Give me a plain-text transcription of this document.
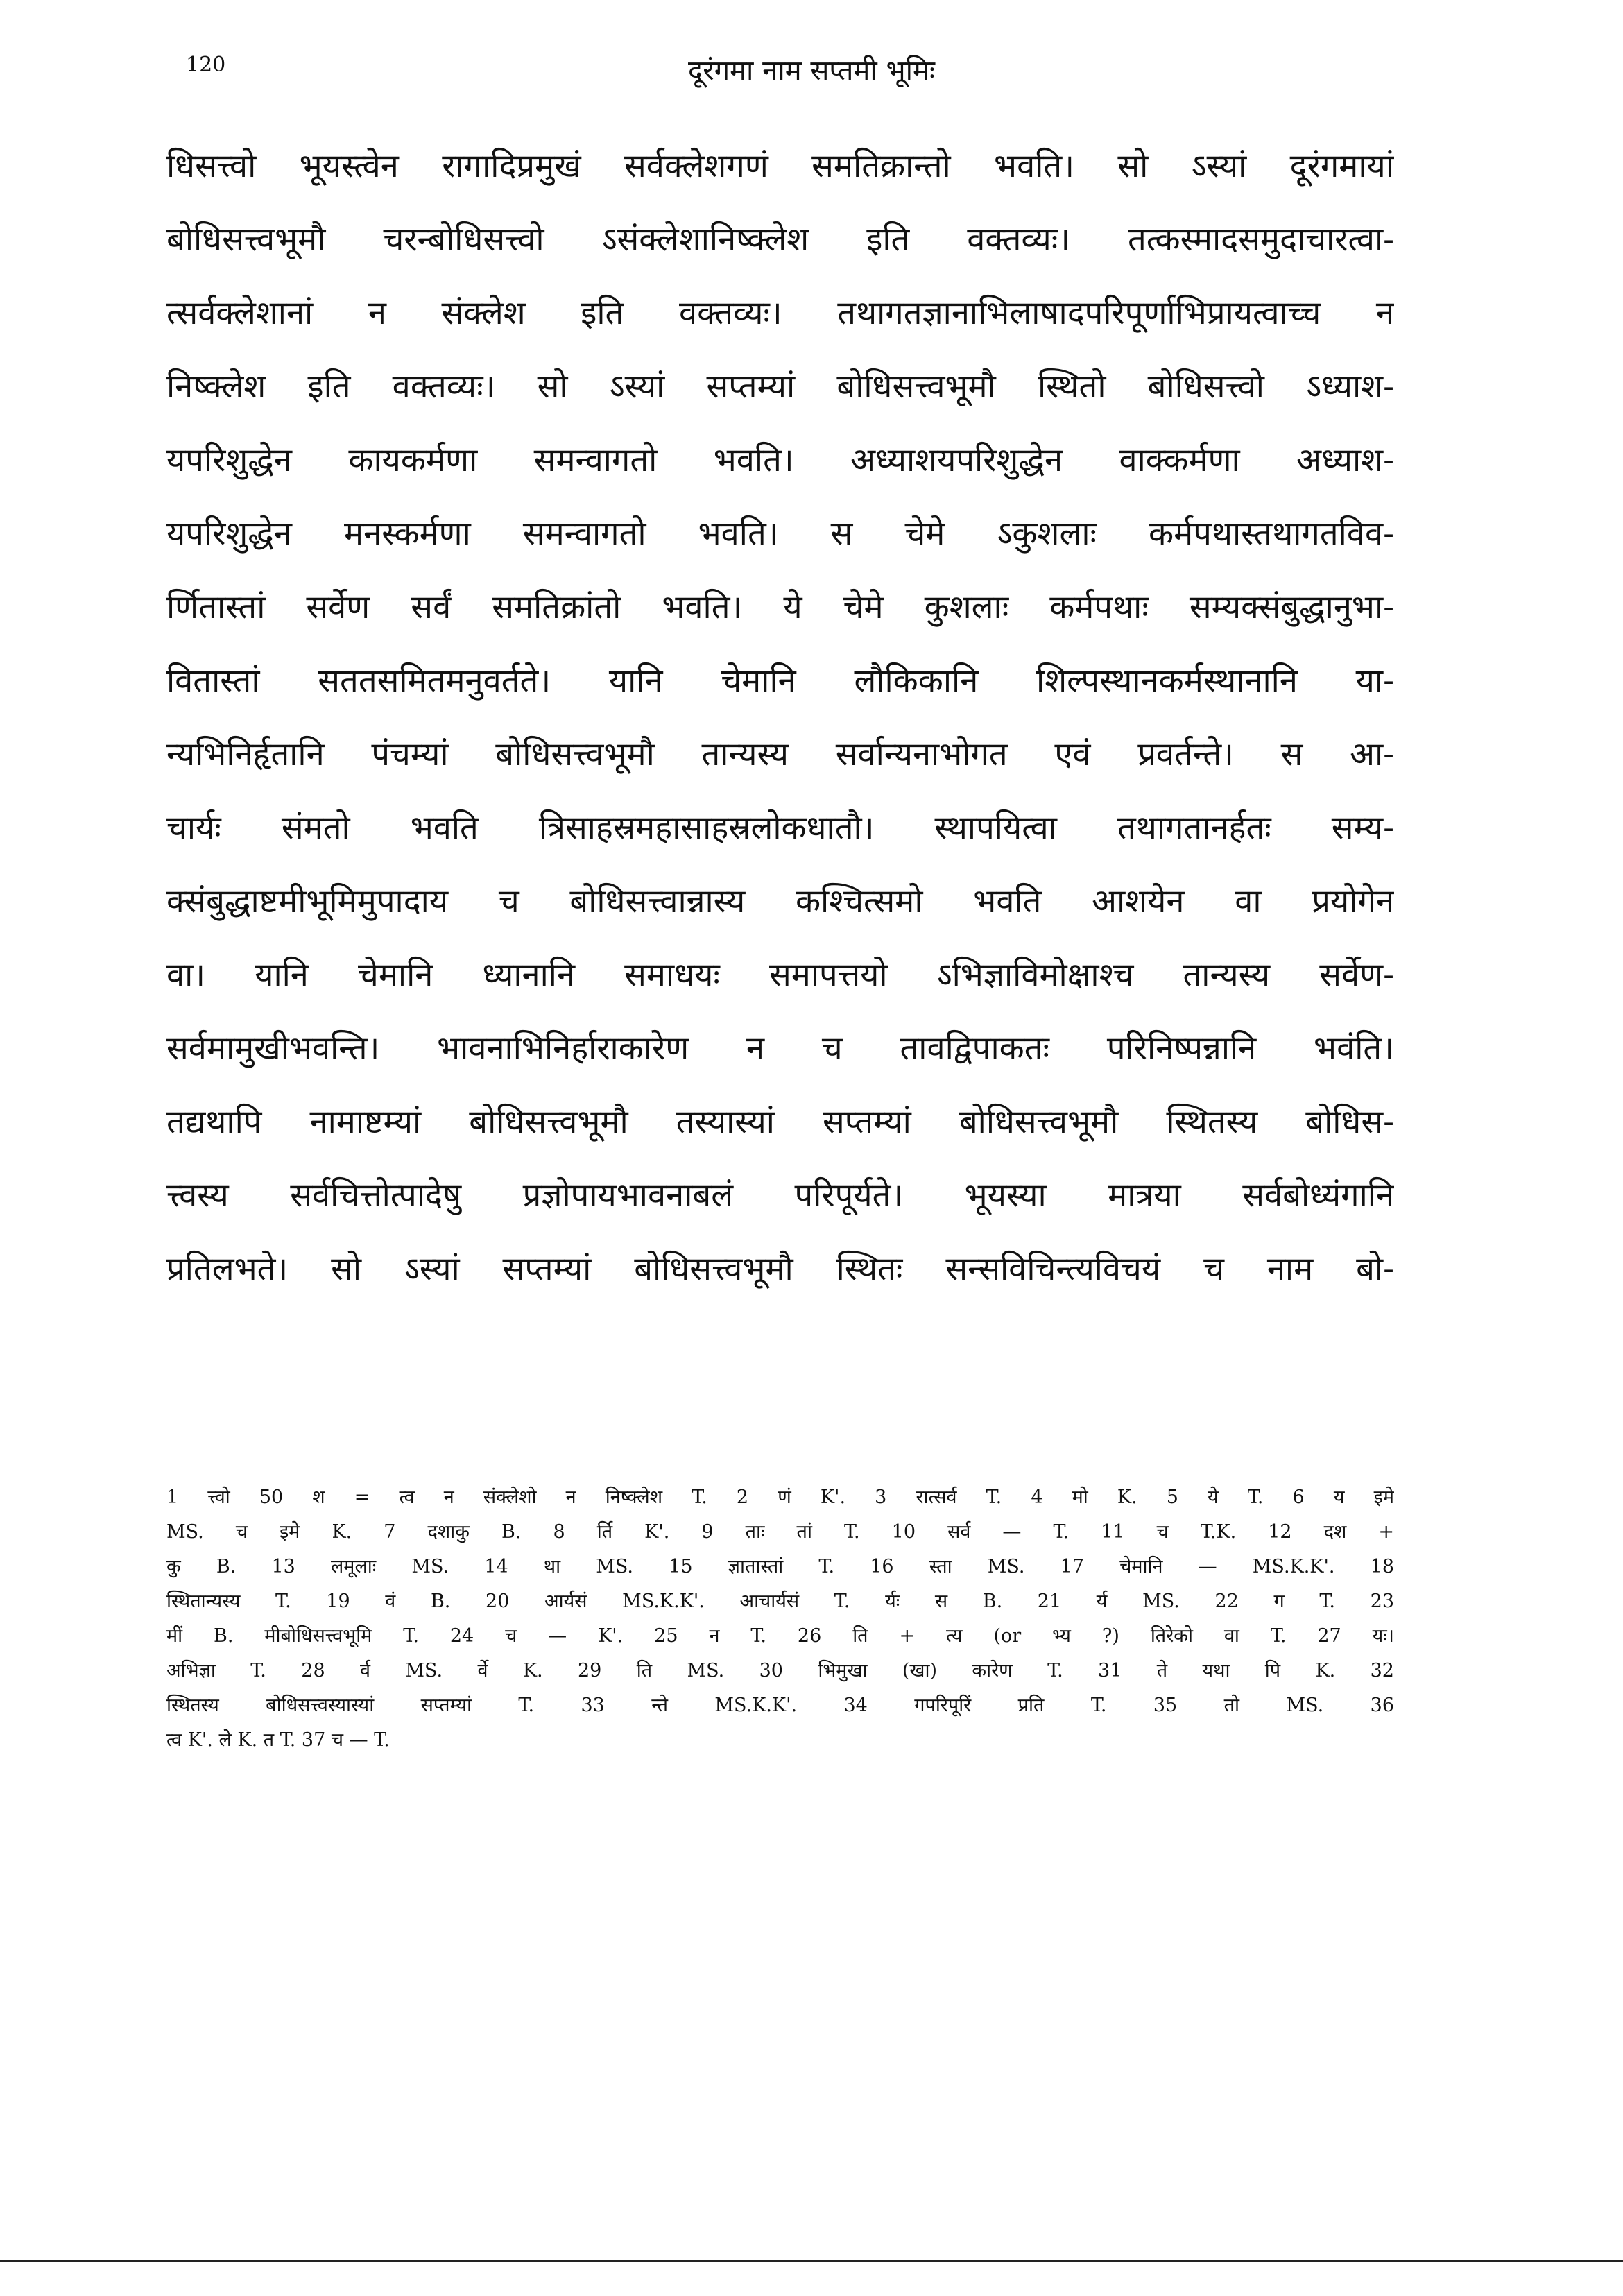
120	दूरंगमा नाम सप्तमी भूमिः
धिसत्त्वो भूयस्त्वेन रागादिप्रमुखं सर्वक्लेशगणं समतिक्रान्तो भवति। सो ऽस्यां दूरंगमायां
बोधिसत्त्वभूमौ चरन्बोधिसत्त्वो ऽसंक्लेशानिष्क्लेश इति वक्तव्यः। तत्कस्मादसमुदाचारत्वा-
त्सर्वक्लेशानां न संक्लेश इति वक्तव्यः। तथागतज्ञानाभिलाषादपरिपूर्णाभिप्रायत्वाच्च न
निष्क्लेश इति वक्तव्यः। सो ऽस्यां सप्तम्यां बोधिसत्त्वभूमौ स्थितो बोधिसत्त्वो ऽध्याश-
यपरिशुद्धेन कायकर्मणा समन्वागतो भवति। अध्याशयपरिशुद्धेन वाक्कर्मणा अध्याश-
यपरिशुद्धेन मनस्कर्मणा समन्वागतो भवति। स चेमे ऽकुशलाः कर्मपथास्तथागतविव-
र्णितास्तां सर्वेण सर्वं समतिक्रांतो भवति। ये चेमे कुशलाः कर्मपथाः सम्यक्संबुद्धानुभा-
वितास्तां सततसमितमनुवर्तते। यानि चेमानि लौकिकानि शिल्पस्थानकर्मस्थानानि या-
न्यभिनिर्हृतानि पंचम्यां बोधिसत्त्वभूमौ तान्यस्य सर्वान्यनाभोगत एवं प्रवर्तन्ते। स आ-
चार्यः संमतो भवति त्रिसाहस्रमहासाहस्रलोकधातौ। स्थापयित्वा तथागतानर्हतः सम्य-
क्संबुद्धाष्टमीभूमिमुपादाय च बोधिसत्त्वान्नास्य कश्चित्समो भवति आशयेन वा प्रयोगेन
वा। यानि चेमानि ध्यानानि समाधयः समापत्तयो ऽभिज्ञाविमोक्षाश्च तान्यस्य सर्वेण-
सर्वमामुखीभवन्ति। भावनाभिनिर्हाराकारेण न च तावद्विपाकतः परिनिष्पन्नानि भवंति।
तद्यथापि नामाष्टम्यां बोधिसत्त्वभूमौ तस्यास्यां सप्तम्यां बोधिसत्त्वभूमौ स्थितस्य बोधिस-
त्त्वस्य सर्वचित्तोत्पादेषु प्रज्ञोपायभावनाबलं परिपूर्यते। भूयस्या मात्रया सर्वबोध्यंगानि
प्रतिलभते। सो ऽस्यां सप्तम्यां बोधिसत्त्वभूमौ स्थितः सन्सविचिन्त्यविचयं च नाम बो-
1 त्त्वो 50 श = त्व न संक्लेशो न निष्क्लेश T. 2 णं K'. 3 रात्सर्व T. 4 मो K. 5 ये T. 6 य इमे
MS. च इमे K. 7 दशाकु B. 8 र्ति K'. 9 ताः तां T. 10 सर्व — T. 11 च T.K. 12 दश +
कु B. 13 लमूलाः MS. 14 था MS. 15 ज्ञातास्तां T. 16 स्ता MS. 17 चेमानि — MS.K.K'. 18
स्थितान्यस्य T. 19 वं B. 20 आर्यसं MS.K.K'. आचार्यसं T. र्यः स B. 21 र्य MS. 22 ग T. 23
मीं B. मीबोधिसत्त्वभूमि T. 24 च — K'. 25 न T. 26 ति + त्य (or भ्य ?) तिरेको वा T. 27 यः।
अभिज्ञा T. 28 र्व MS. र्वे K. 29 ति MS. 30 भिमुखा (खा) कारेण T. 31 ते यथा पि K. 32
स्थितस्य बोधिसत्त्वस्यास्यां सप्तम्यां T. 33 न्ते MS.K.K'. 34 गपरिपूरिं प्रति T. 35 तो MS. 36
त्व K'. ले K. त T. 37 च — T.
